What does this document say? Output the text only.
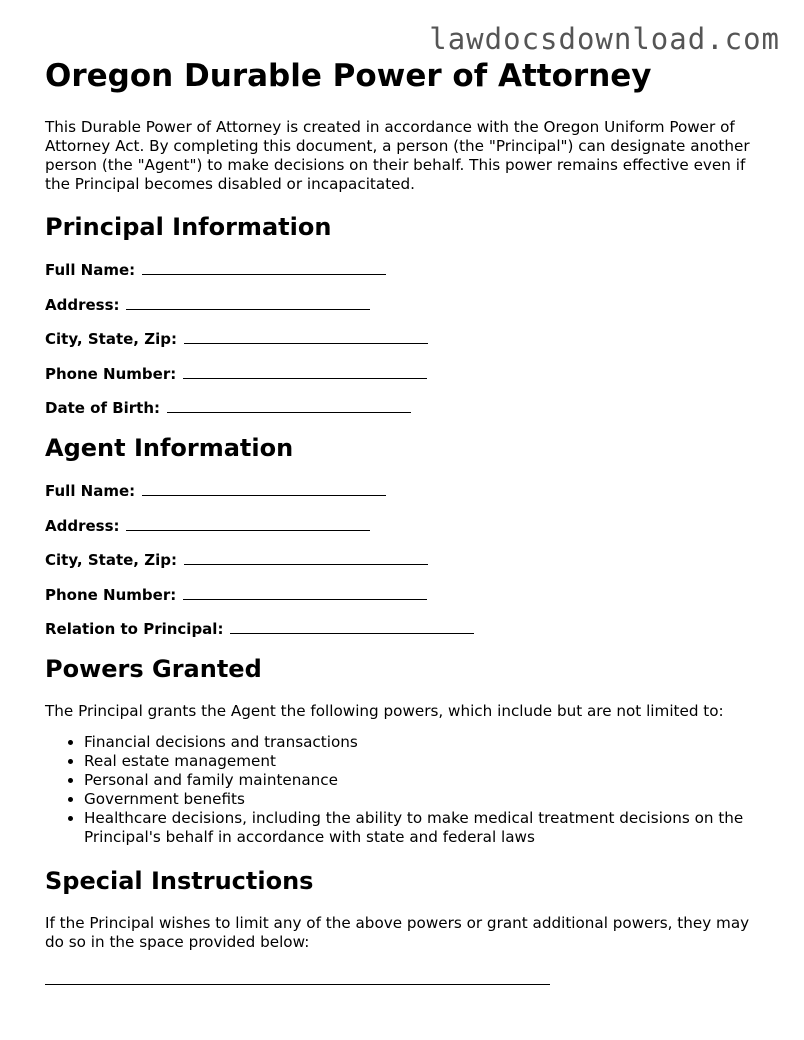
lawdocsdownload.com
Oregon Durable Power of Attorney

This Durable Power of Attorney is created in accordance with the Oregon Uniform Power of Attorney Act. By completing this document, a person (the "Principal") can designate another person (the "Agent") to make decisions on their behalf. This power remains effective even if the Principal becomes disabled or incapacitated.

Principal Information
Full Name:
Address:
City, State, Zip:
Phone Number:
Date of Birth:
Agent Information
Full Name:
Address:
City, State, Zip:
Phone Number:
Relation to Principal:
Powers Granted

The Principal grants the Agent the following powers, which include but are not limited to:

• Financial decisions and transactions
• Real estate management
• Personal and family maintenance
• Government benefits
• Healthcare decisions, including the ability to make medical treatment decisions on the Principal's behalf in accordance with state and federal laws
Special Instructions

If the Principal wishes to limit any of the above powers or grant additional powers, they may do so in the space provided below:
